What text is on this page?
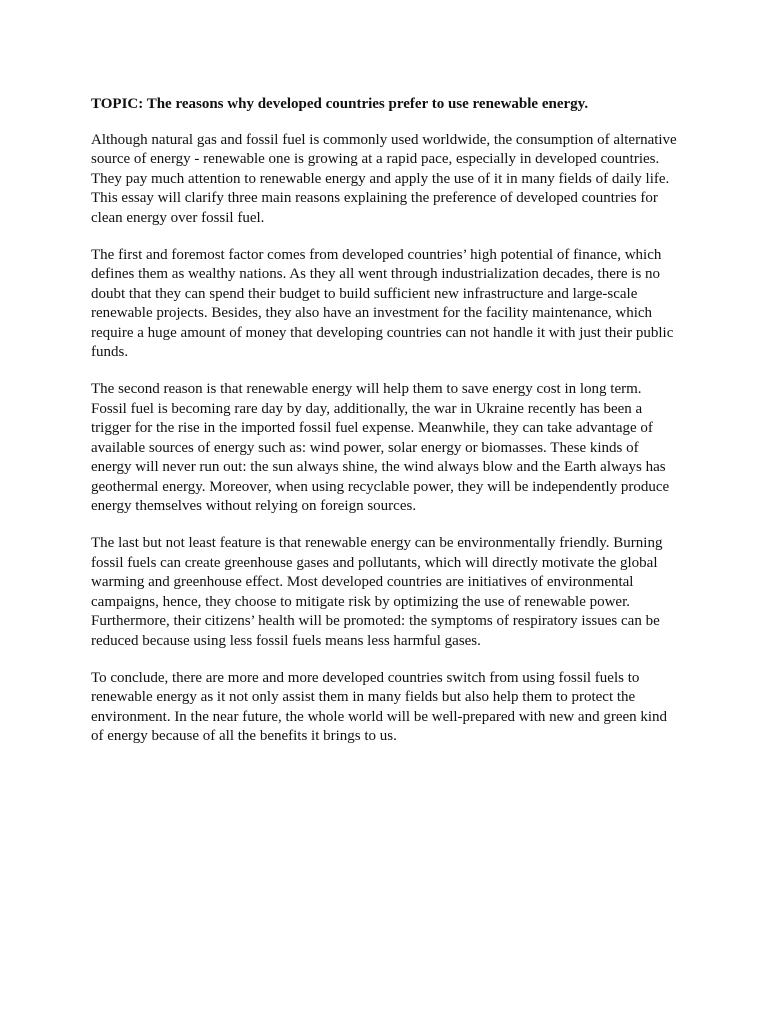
TOPIC: The reasons why developed countries prefer to use renewable energy.

Although natural gas and fossil fuel is commonly used worldwide, the consumption of alternative source of energy - renewable one is growing at a rapid pace, especially in developed countries. They pay much attention to renewable energy and apply the use of it in many fields of daily life. This essay will clarify three main reasons explaining the preference of developed countries for clean energy over fossil fuel.

The first and foremost factor comes from developed countries’ high potential of finance, which defines them as wealthy nations. As they all went through industrialization decades, there is no doubt that they can spend their budget to build sufficient new infrastructure and large-scale renewable projects. Besides, they also have an investment for the facility maintenance, which require a huge amount of money that developing countries can not handle it with just their public funds.

The second reason is that renewable energy will help them to save energy cost in long term. Fossil fuel is becoming rare day by day, additionally, the war in Ukraine recently has been a trigger for the rise in the imported fossil fuel expense. Meanwhile, they can take advantage of available sources of energy such as: wind power, solar energy or biomasses. These kinds of energy will never run out: the sun always shine, the wind always blow and the Earth always has geothermal energy. Moreover, when using recyclable power, they will be independently produce energy themselves without relying on foreign sources.

The last but not least feature is that renewable energy can be environmentally friendly. Burning fossil fuels can create greenhouse gases and pollutants, which will directly motivate the global warming and greenhouse effect. Most developed countries are initiatives of environmental campaigns, hence, they choose to mitigate risk by optimizing the use of renewable power. Furthermore, their citizens’ health will be promoted: the symptoms of respiratory issues can be reduced because using less fossil fuels means less harmful gases.

To conclude, there are more and more developed countries switch from using fossil fuels to renewable energy as it not only assist them in many fields but also help them to protect the environment. In the near future, the whole world will be well-prepared with new and green kind of energy because of all the benefits it brings to us.
